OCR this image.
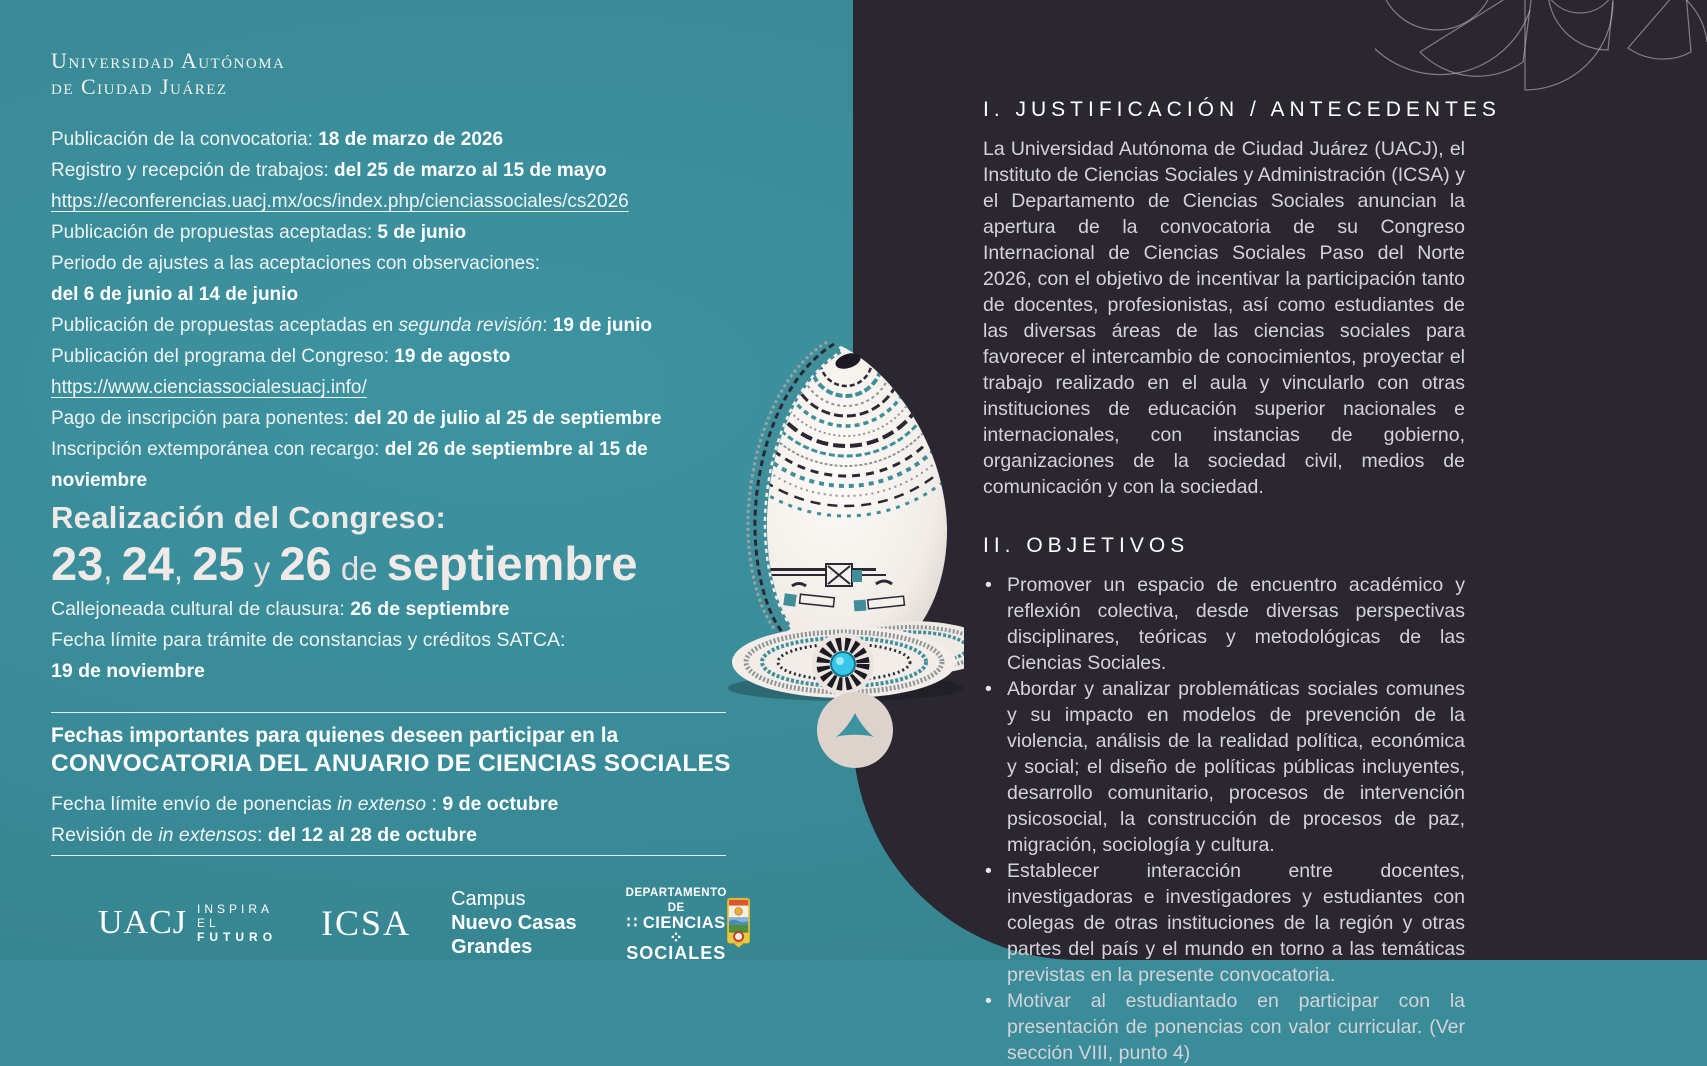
Universidad Autónoma
de Ciudad Juárez
Publicación de la convocatoria: 18 de marzo de 2026
Registro y recepción de trabajos: del 25 de marzo al 15 de mayo
https://econferencias.uacj.mx/ocs/index.php/cienciassociales/cs2026
Publicación de propuestas aceptadas: 5 de junio
Periodo de ajustes a las aceptaciones con observaciones:
del 6 de junio al 14 de junio
Publicación de propuestas aceptadas en segunda revisión: 19 de junio
Publicación del programa del Congreso: 19 de agosto
https://www.cienciassocialesuacj.info/
Pago de inscripción para ponentes: del 20 de julio al 25 de septiembre
Inscripción extemporánea con recargo: del 26 de septiembre al 15 de noviembre
Realización del Congreso:
23, 24, 25 y 26 de septiembre
Callejoneada cultural de clausura: 26 de septiembre
Fecha límite para trámite de constancias y créditos SATCA:
19 de noviembre
Fechas importantes para quienes deseen participar en la
CONVOCATORIA DEL ANUARIO DE CIENCIAS SOCIALES
Fecha límite envío de ponencias in extenso : 9 de octubre
Revisión de in extensos: del 12 al 28 de octubre
UACJ INSPIRA EL
FUTURO ICSA
Campus
Nuevo Casas Grandes
DEPARTAMENTO DE
∷ CIENCIAS ⁘
SOCIALES
I. JUSTIFICACIÓN / ANTECEDENTES

La Universidad Autónoma de Ciudad Juárez (UACJ), el Instituto de Ciencias Sociales y Administración (ICSA) y el Departamento de Ciencias Sociales anuncian la apertura de la convocatoria de su Congreso Internacional de Ciencias Sociales Paso del Norte 2026, con el objetivo de incentivar la participación tanto de docentes, profesionistas, así como estudiantes de las diversas áreas de las ciencias sociales para favorecer el intercambio de conocimientos, proyectar el trabajo realizado en el aula y vincularlo con otras instituciones de educación superior nacionales e internacionales, con instancias de gobierno, organizaciones de la sociedad civil, medios de comunicación y con la sociedad.

II. OBJETIVOS
• Promover un espacio de encuentro académico y reflexión colectiva, desde diversas perspectivas disciplinares, teóricas y metodológicas de las Ciencias Sociales.
• Abordar y analizar problemáticas sociales comunes y su impacto en modelos de prevención de la violencia, análisis de la realidad política, económica y social; el diseño de políticas públicas incluyentes, desarrollo comunitario, procesos de intervención psicosocial, la construcción de procesos de paz, migración, sociología y cultura.
• Establecer interacción entre docentes, investigadoras e investigadores y estudiantes con colegas de otras instituciones de la región y otras partes del país y el mundo en torno a las temáticas previstas en la presente convocatoria.
• Motivar al estudiantado en participar con la presentación de ponencias con valor curricular. (Ver sección VIII, punto 4)
